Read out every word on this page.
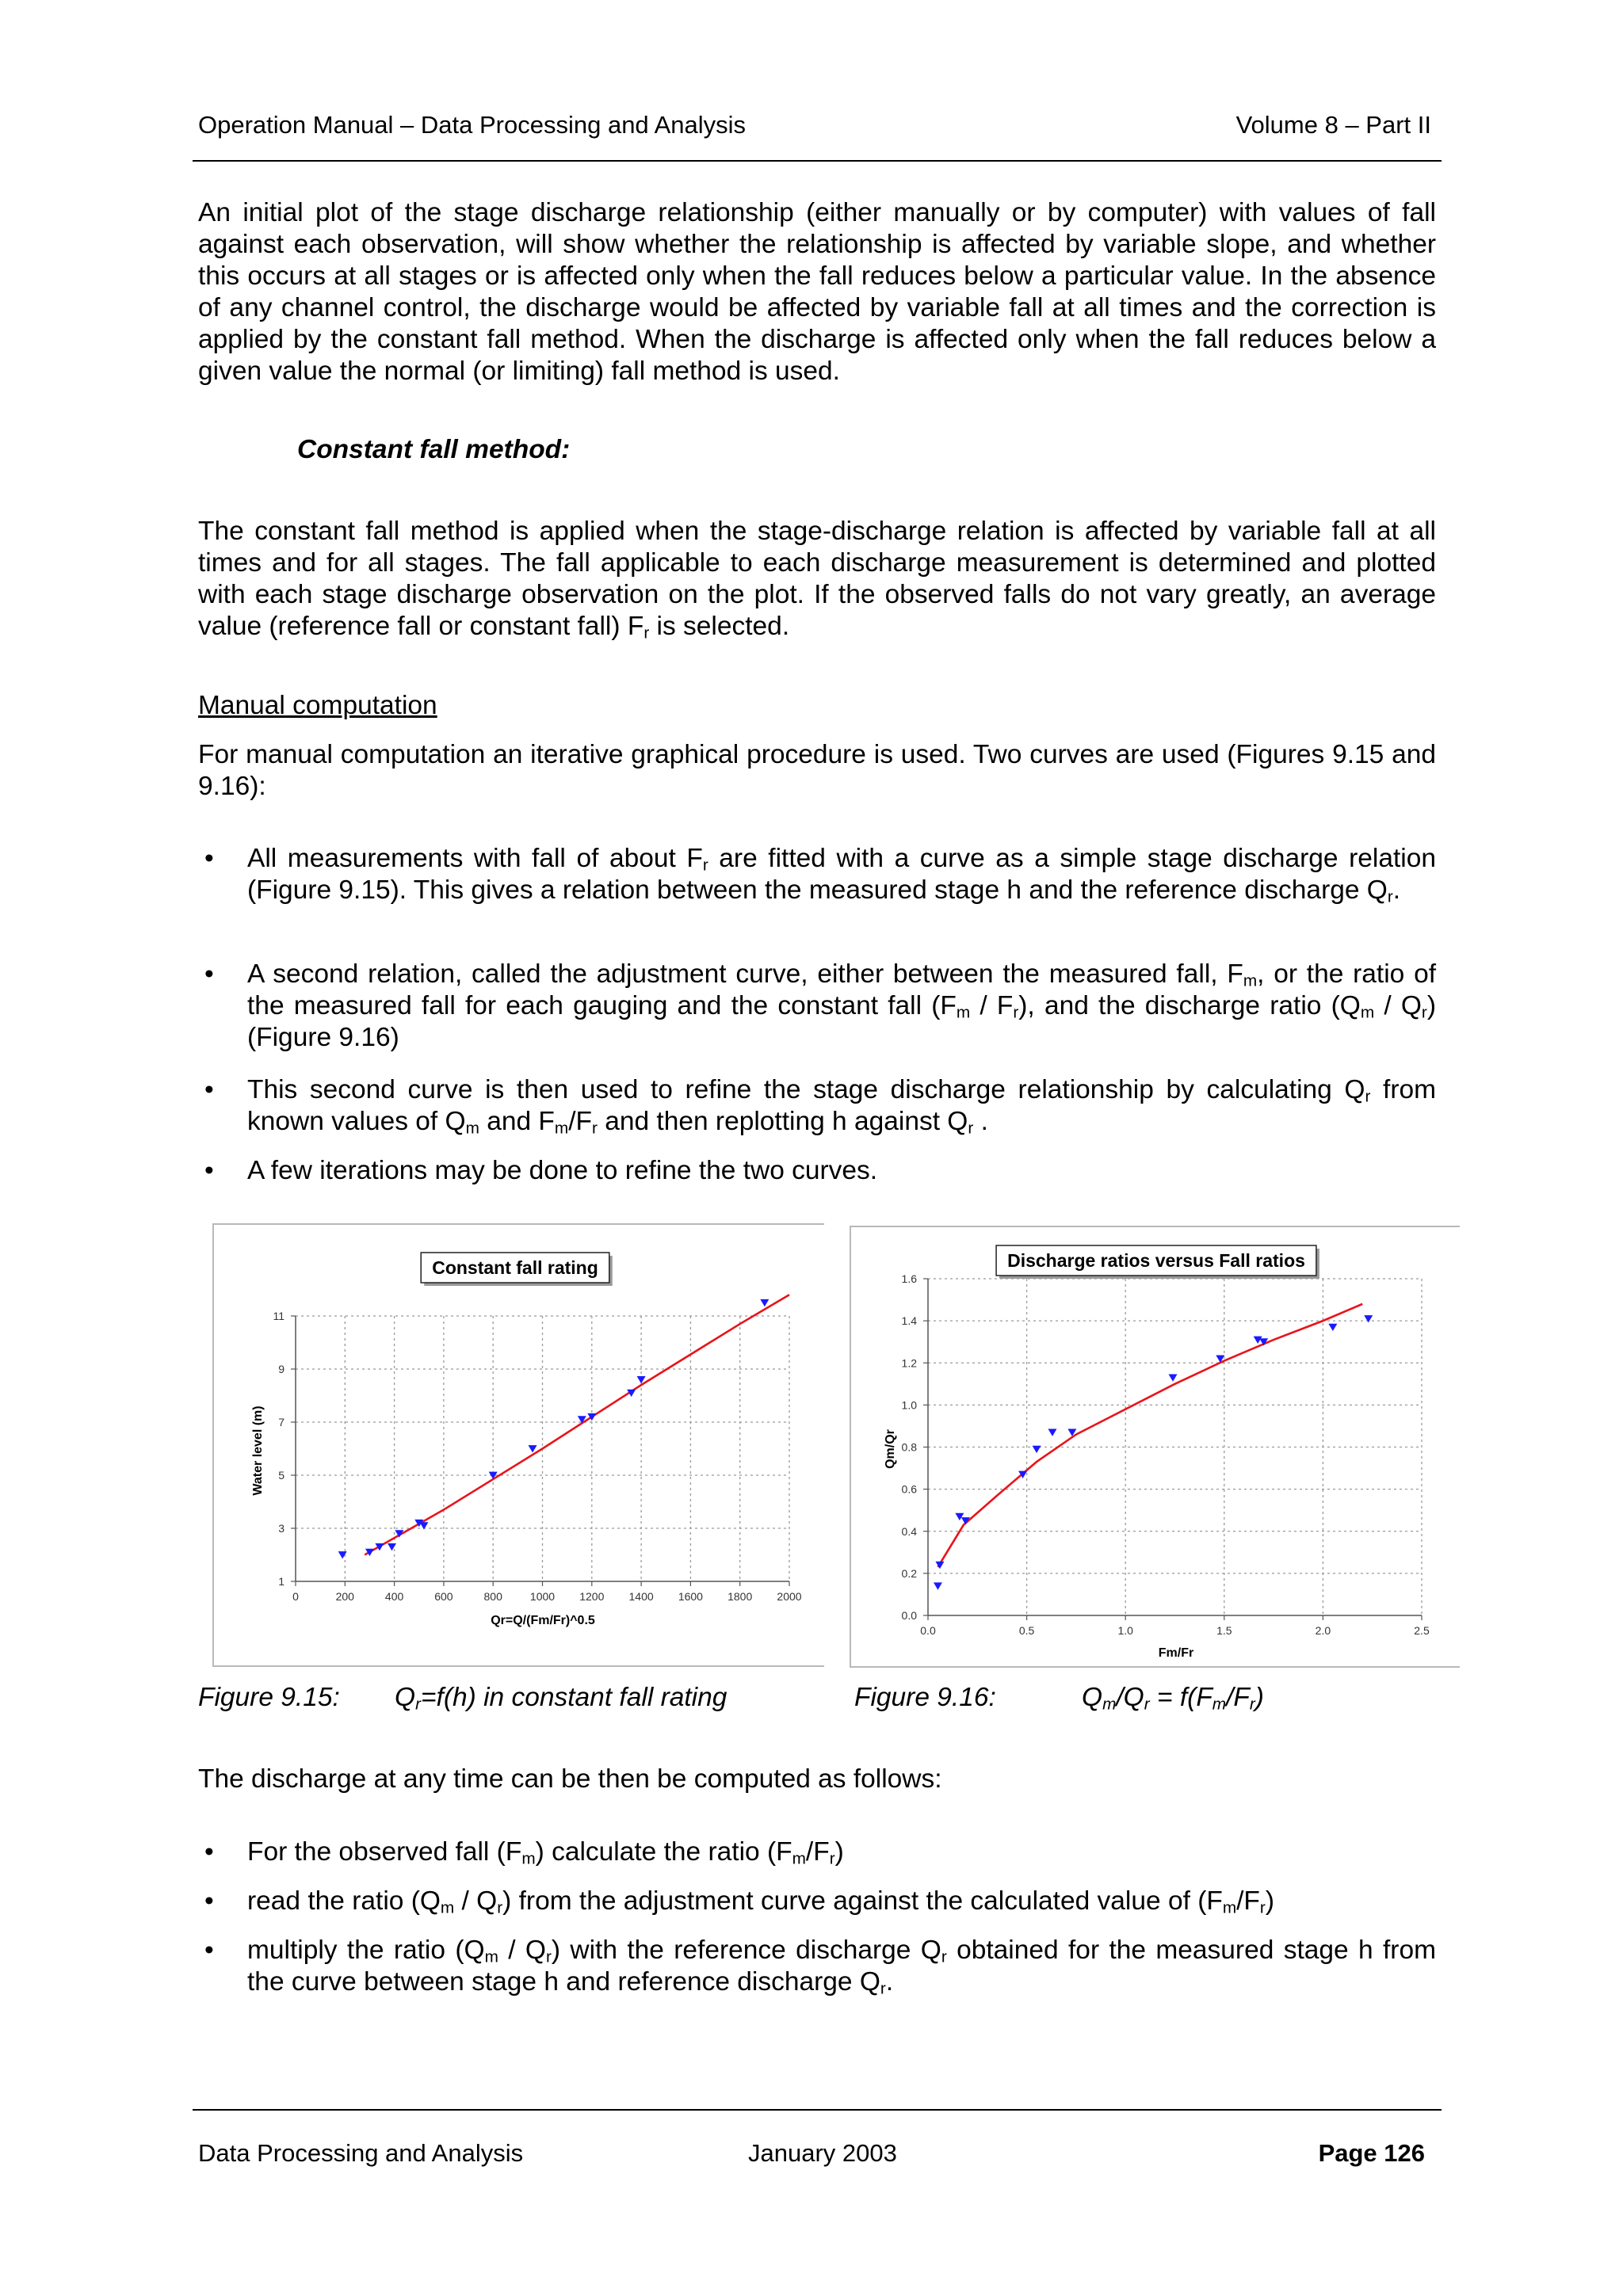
Operation Manual – Data Processing and Analysis	Volume 8 – Part II
An initial plot of the stage discharge relationship (either manually or by computer) with values of fall against each observation, will show whether the relationship is affected by variable slope, and whether this occurs at all stages or is affected only when the fall reduces below a particular value. In the absence of any channel control, the discharge would be affected by variable fall at all times and the correction is applied by the constant fall method. When the discharge is affected only when the fall reduces below a given value the normal (or limiting) fall method is used.
Constant fall method:
The constant fall method is applied when the stage-discharge relation is affected by variable fall at all times and for all stages. The fall applicable to each discharge measurement is determined and plotted with each stage discharge observation on the plot. If the observed falls do not vary greatly, an average value (reference fall or constant fall) $F_r$ is selected.
Manual computation
For manual computation an iterative graphical procedure is used. Two curves are used (Figures 9.15 and 9.16):
• All measurements with fall of about $F_r$ are fitted with a curve as a simple stage discharge relation (Figure 9.15). This gives a relation between the measured stage h and the reference discharge $Q_r$.
• A second relation, called the adjustment curve, either between the measured fall, $F_m$, or the ratio of the measured fall for each gauging and the constant fall $(F_m / F_r)$, and the discharge ratio $(Q_m / Q_r)$ (Figure 9.16)
• This second curve is then used to refine the stage discharge relationship by calculating $Q_r$ from known values of $Q_m$ and $F_m/F_r$ and then replotting h against $Q_r$ .
• A few iterations may be done to refine the two curves.
0	200	400	600	800	1000 1200 1400 1600 1800 2000
1
3
5
7
9
11
Qr=Q/(Fm/Fr)^0.5
Water level (m)
Constant fall rating
0.0	0.5	1.0	1.5	2.0	2.5
0.0
0.2
0.4
0.6
0.8
1.0
1.2
1.4
1.6
Fm/Fr
Qm/Qr
Discharge ratios versus Fall ratios
Figure 9.15: $Q_r=f(h)$ in constant fall rating	Figure 9.16:	$Q_m/Q_r = f(F_m/F_r)$
The discharge at any time can be then be computed as follows:
• For the observed fall $(F_m)$ calculate the ratio $(F_m/F_r)$
• read the ratio $(Q_m / Q_r)$ from the adjustment curve against the calculated value of $(F_m/F_r)$
• multiply the ratio $(Q_m / Q_r)$ with the reference discharge $Q_r$ obtained for the measured stage h from the curve between stage h and reference discharge $Q_r$.
Data Processing and Analysis	January 2003	Page 126
